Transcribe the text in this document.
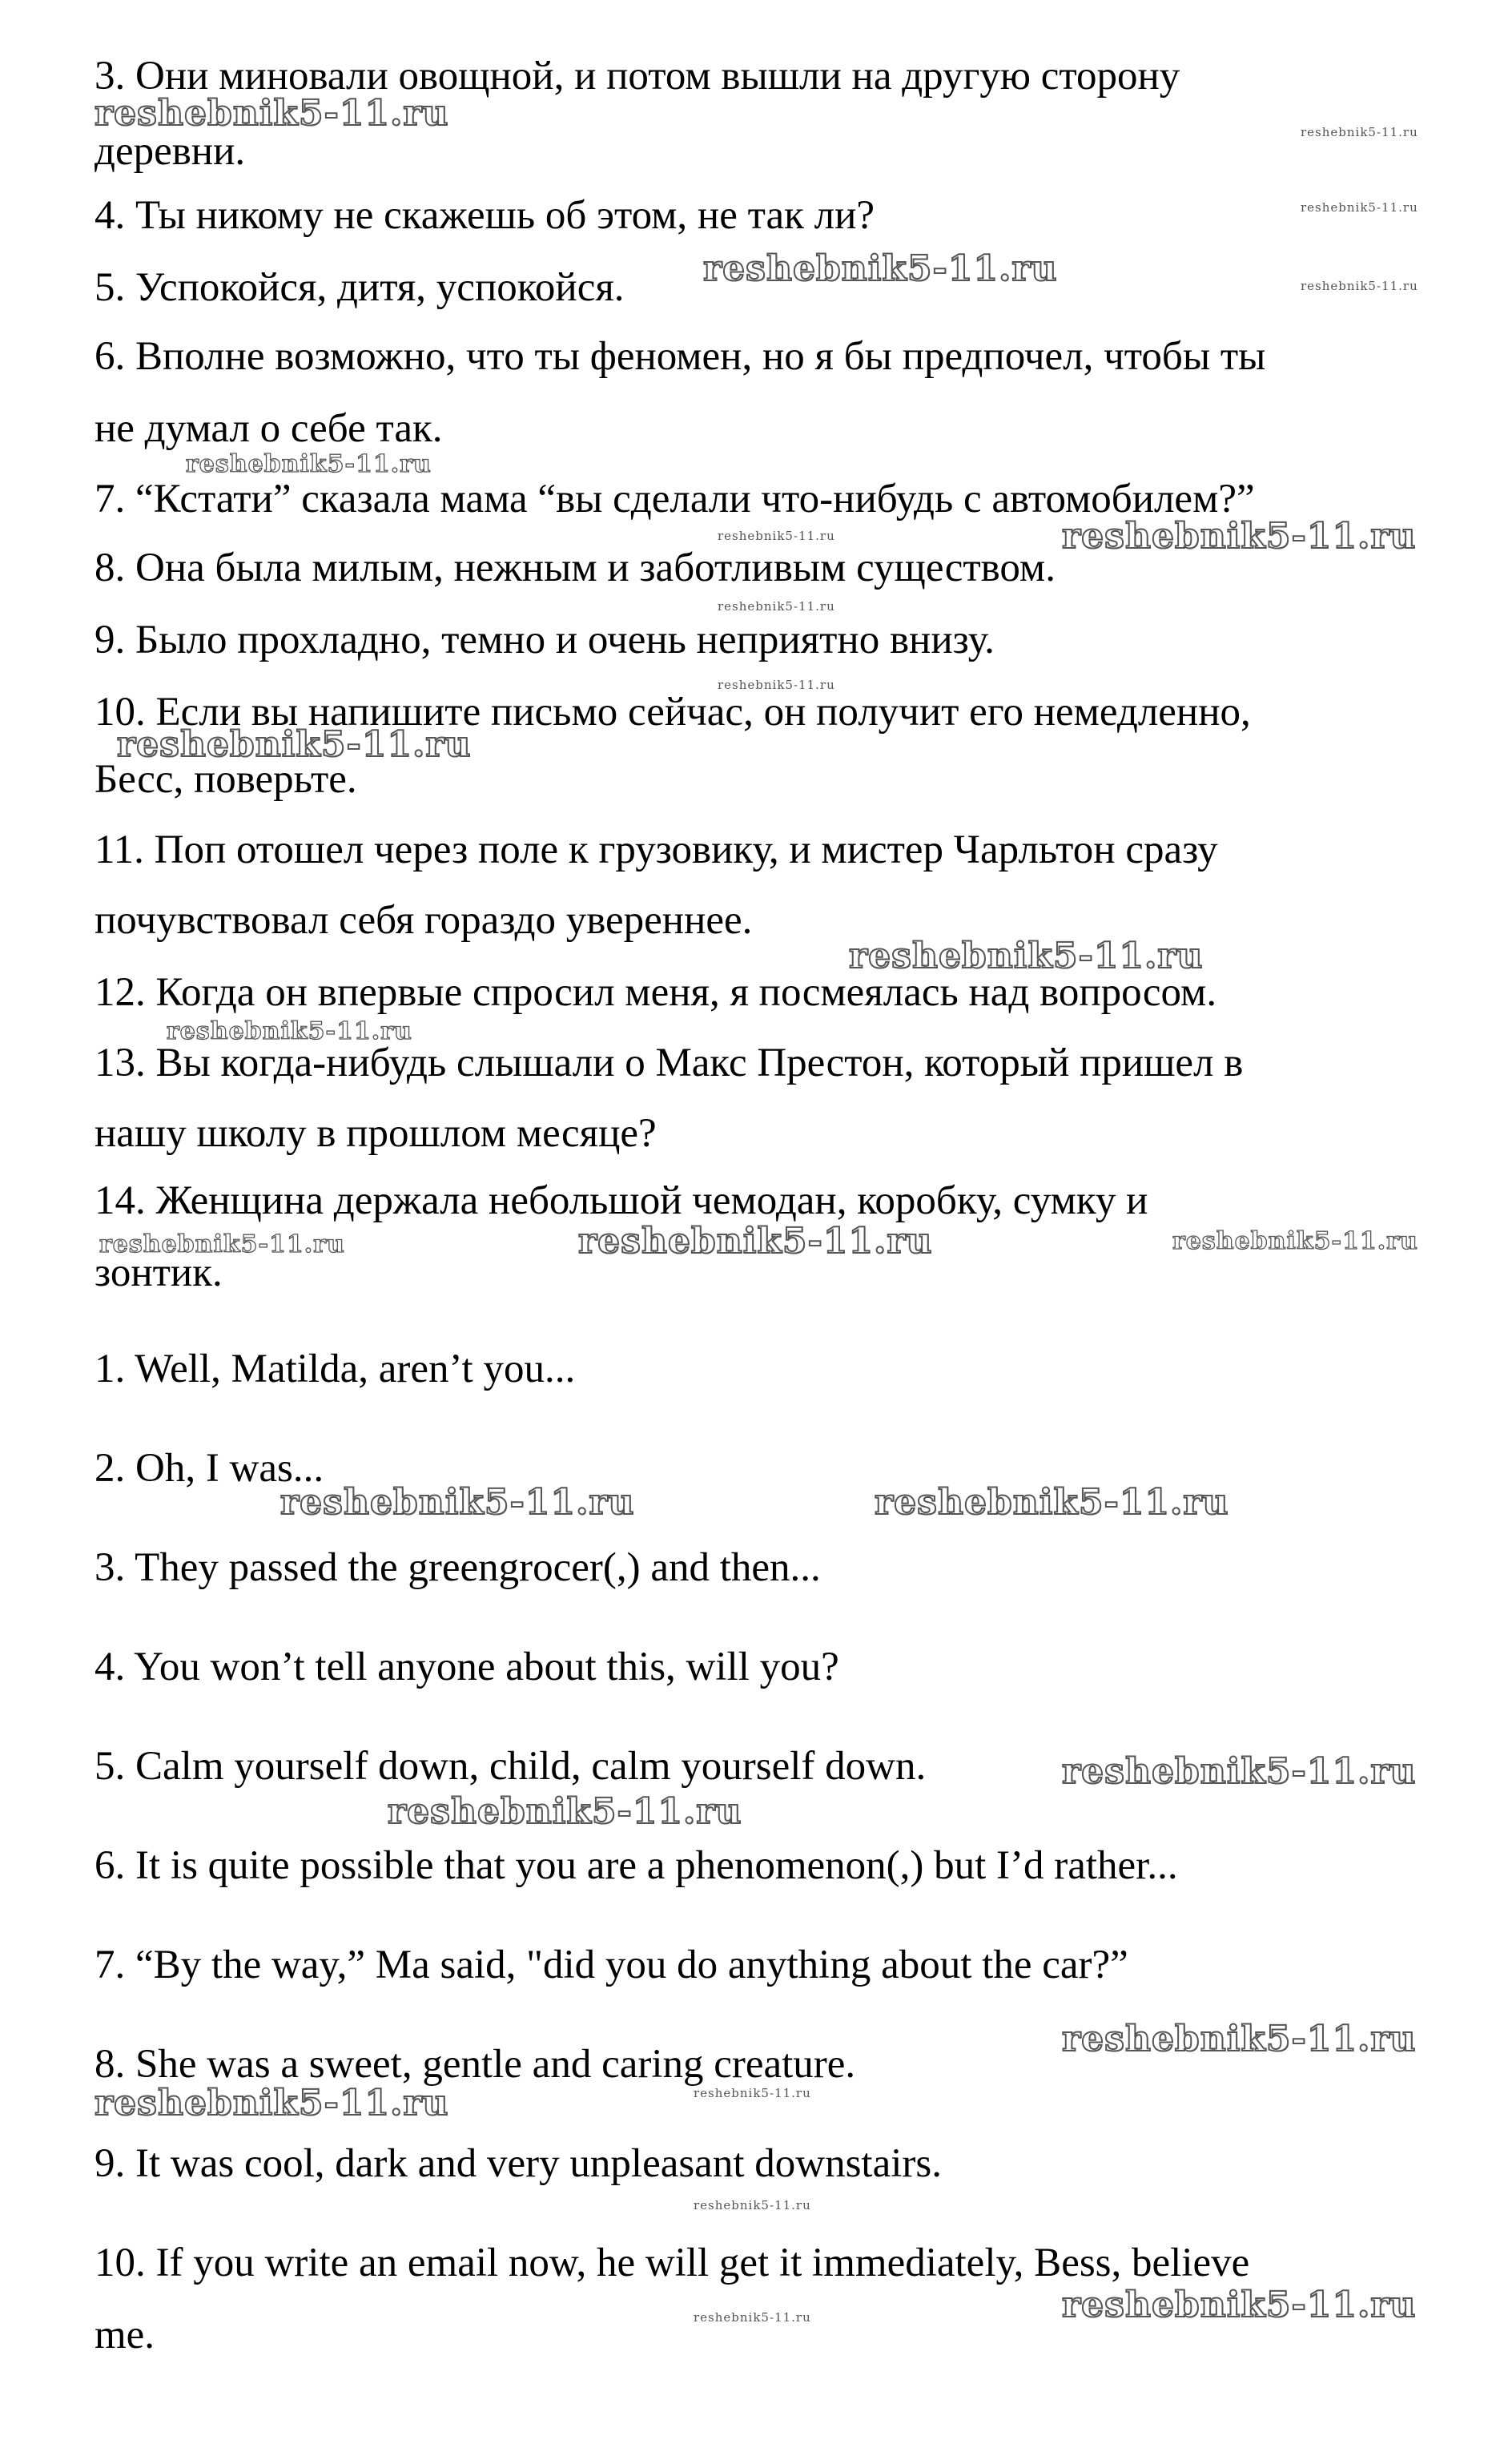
3. Они миновали овощной, и потом вышли на другую сторону

деревни.

4. Ты никому не скажешь об этом, не так ли?

5. Успокойся, дитя, успокойся.

6. Вполне возможно, что ты феномен, но я бы предпочел, чтобы ты

не думал о себе так.

7. “Кстати” сказала мама “вы сделали что-нибудь с автомобилем?”

8. Она была милым, нежным и заботливым существом.

9. Было прохладно, темно и очень неприятно внизу.

10. Если вы напишите письмо сейчас, он получит его немедленно,

Бесс, поверьте.

11. Поп отошел через поле к грузовику, и мистер Чарльтон сразу

почувствовал себя гораздо увереннее.

12. Когда он впервые спросил меня, я посмеялась над вопросом.

13. Вы когда-нибудь слышали о Макс Престон, который пришел в

нашу школу в прошлом месяце?

14. Женщина держала небольшой чемодан, коробку, сумку и

зонтик.

1. Well, Matilda, aren’t you...

2. Oh, I was...

3. They passed the greengrocer(,) and then...

4. You won’t tell anyone about this, will you?

5. Calm yourself down, child, calm yourself down.

6. It is quite possible that you are a phenomenon(,) but I’d rather...

7. “By the way,” Ma said, "did you do anything about the car?”

8. She was a sweet, gentle and caring creature.

9. It was cool, dark and very unpleasant downstairs.

10. If you write an email now, he will get it immediately, Bess, believe

me.

reshebnik5-11.ru	reshebnik5-11.ru
reshebnik5-11.ru
reshebnik5-11.ru	reshebnik5-11.ru
reshebnik5-11.ru
reshebnik5-11.ru	reshebnik5-11.ru
reshebnik5-11.ru
reshebnik5-11.ru
reshebnik5-11.ru
reshebnik5-11.ru
reshebnik5-11.ru
reshebnik5-11.ru	reshebnik5-11.ru	reshebnik5-11.ru
reshebnik5-11.ru	reshebnik5-11.ru
reshebnik5-11.ru
reshebnik5-11.ru
reshebnik5-11.ru
reshebnik5-11.ru	reshebnik5-11.ru
reshebnik5-11.ru
reshebnik5-11.ru
reshebnik5-11.ru
